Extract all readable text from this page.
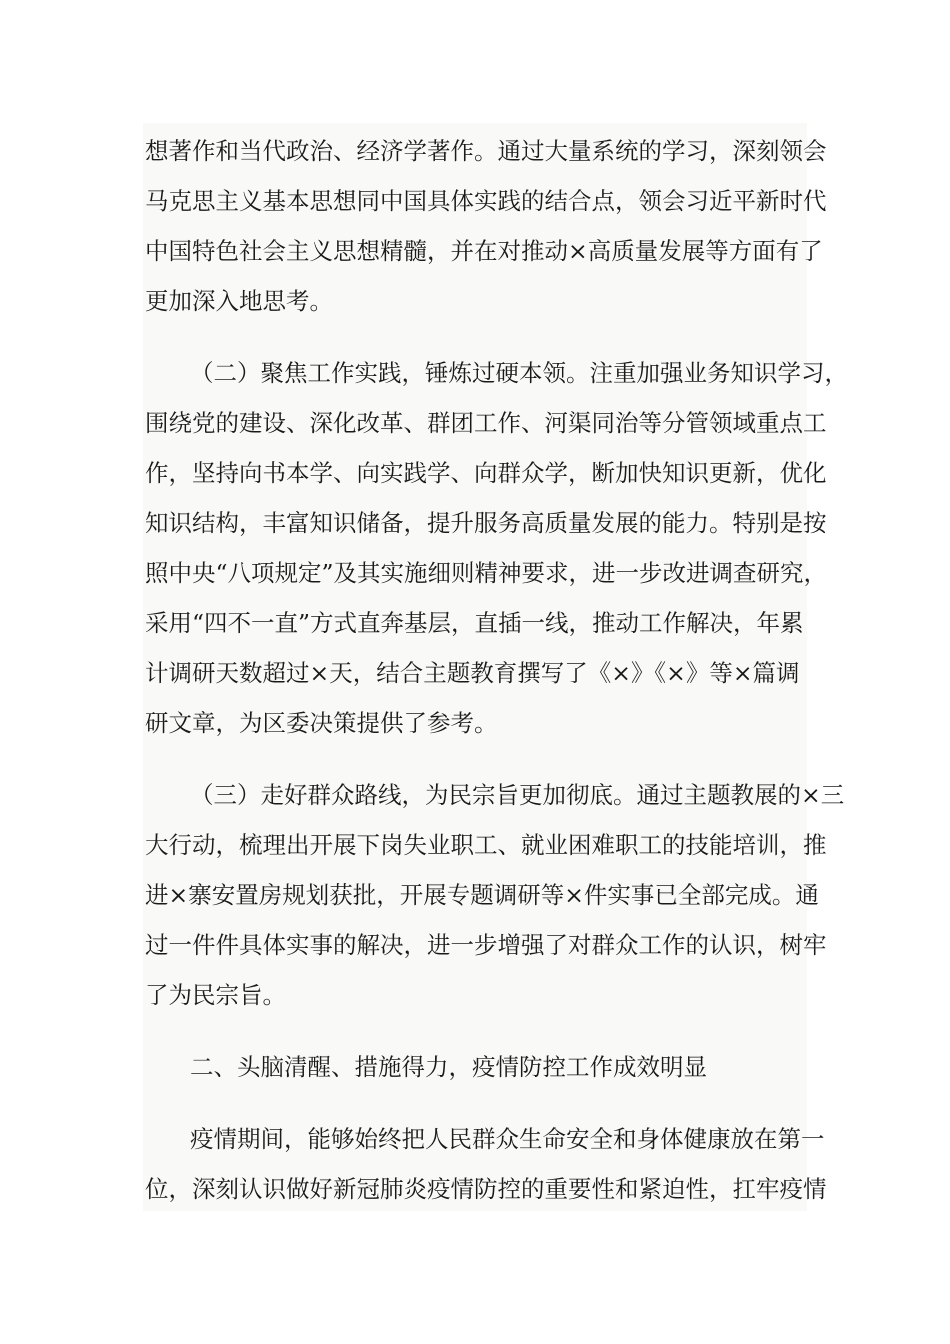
想著作和当代政治、经济学著作。通过大量系统的学习，深刻领会
马克思主义基本思想同中国具体实践的结合点，领会习近平新时代
中国特色社会主义思想精髓，并在对推动×高质量发展等方面有了
更加深入地思考。
（二）聚焦工作实践，锤炼过硬本领。注重加强业务知识学习，
围绕党的建设、深化改革、群团工作、河渠同治等分管领域重点工
作，坚持向书本学、向实践学、向群众学，断加快知识更新，优化
知识结构，丰富知识储备，提升服务高质量发展的能力。特别是按
照中央“八项规定”及其实施细则精神要求，进一步改进调查研究，
采用“四不一直”方式直奔基层，直插一线，推动工作解决，年累
计调研天数超过×天，结合主题教育撰写了《×》《×》等×篇调
研文章，为区委决策提供了参考。
（三）走好群众路线，为民宗旨更加彻底。通过主题教展的×三
大行动，梳理出开展下岗失业职工、就业困难职工的技能培训，推
进×寨安置房规划获批，开展专题调研等×件实事已全部完成。通
过一件件具体实事的解决，进一步增强了对群众工作的认识，树牢
了为民宗旨。
二、头脑清醒、措施得力，疫情防控工作成效明显
疫情期间，能够始终把人民群众生命安全和身体健康放在第一
位，深刻认识做好新冠肺炎疫情防控的重要性和紧迫性，扛牢疫情
